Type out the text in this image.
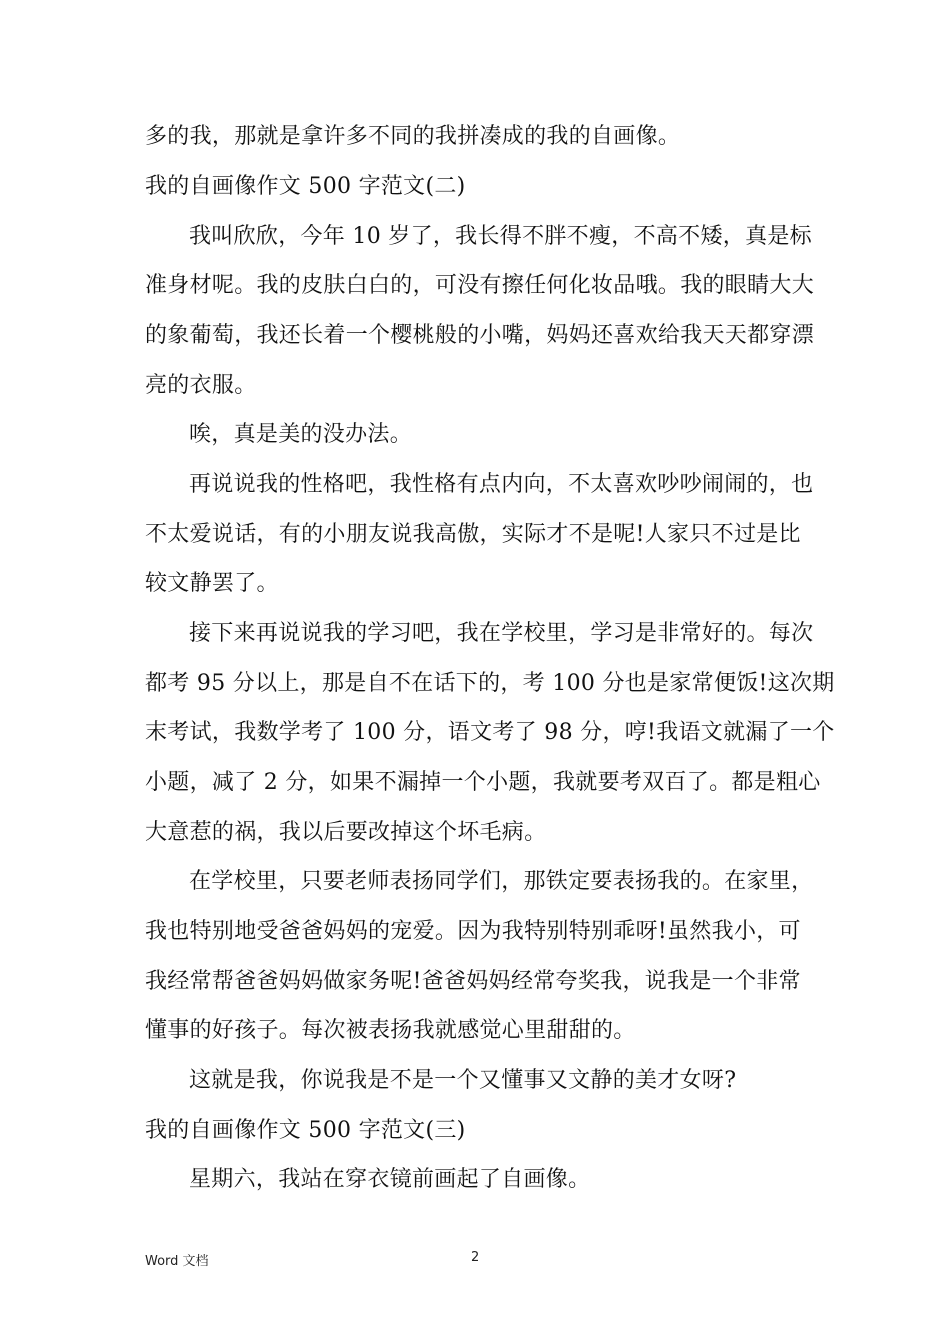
多的我，那就是拿许多不同的我拼凑成的我的自画像。
我的自画像作文 500 字范文(二)
我叫欣欣，今年 10 岁了，我长得不胖不瘦，不高不矮，真是标
准身材呢。我的皮肤白白的，可没有擦任何化妆品哦。我的眼睛大大
的象葡萄，我还长着一个樱桃般的小嘴，妈妈还喜欢给我天天都穿漂
亮的衣服。
唉，真是美的没办法。
再说说我的性格吧，我性格有点内向，不太喜欢吵吵闹闹的，也
不太爱说话，有的小朋友说我高傲，实际才不是呢!人家只不过是比
较文静罢了。
接下来再说说我的学习吧，我在学校里，学习是非常好的。每次
都考 95 分以上，那是自不在话下的，考 100 分也是家常便饭!这次期
末考试，我数学考了 100 分，语文考了 98 分，哼!我语文就漏了一个
小题，减了 2 分，如果不漏掉一个小题，我就要考双百了。都是粗心
大意惹的祸，我以后要改掉这个坏毛病。
在学校里，只要老师表扬同学们，那铁定要表扬我的。在家里，
我也特别地受爸爸妈妈的宠爱。因为我特别特别乖呀!虽然我小，可
我经常帮爸爸妈妈做家务呢!爸爸妈妈经常夸奖我，说我是一个非常
懂事的好孩子。每次被表扬我就感觉心里甜甜的。
这就是我，你说我是不是一个又懂事又文静的美才女呀?
我的自画像作文 500 字范文(三)
星期六，我站在穿衣镜前画起了自画像。
Word 文档	2
